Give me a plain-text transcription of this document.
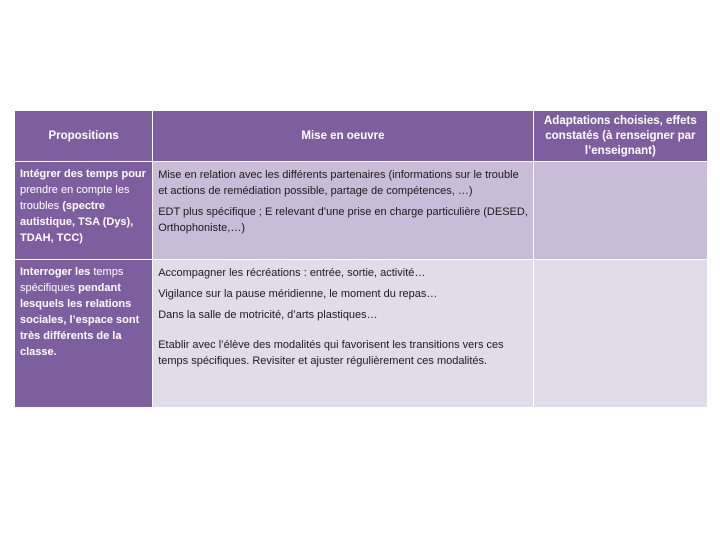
Propositions	Mise en oeuvre	Adaptations choisies, effets constatés (à renseigner par l’enseignant)
Intégrer des temps pour prendre en compte les troubles (spectre autistique, TSA (Dys), TDAH, TCC)	Mise en relation avec les différents partenaires (informations sur le trouble et actions de remédiation possible, partage de compétences, …)

EDT plus spécifique ; E relevant d’une prise en charge particulière (DESED, Orthophoniste,…)	

Interroger les temps spécifiques pendant lesquels les relations sociales, l’espace sont très différents de la classe.	Accompagner les récréations : entrée, sortie, activité…

Vigilance sur la pause méridienne, le moment du repas…

Dans la salle de motricité, d’arts plastiques…

Etablir avec l’élève des modalités qui favorisent les transitions vers ces temps spécifiques. Revisiter et ajuster régulièrement ces modalités.	
